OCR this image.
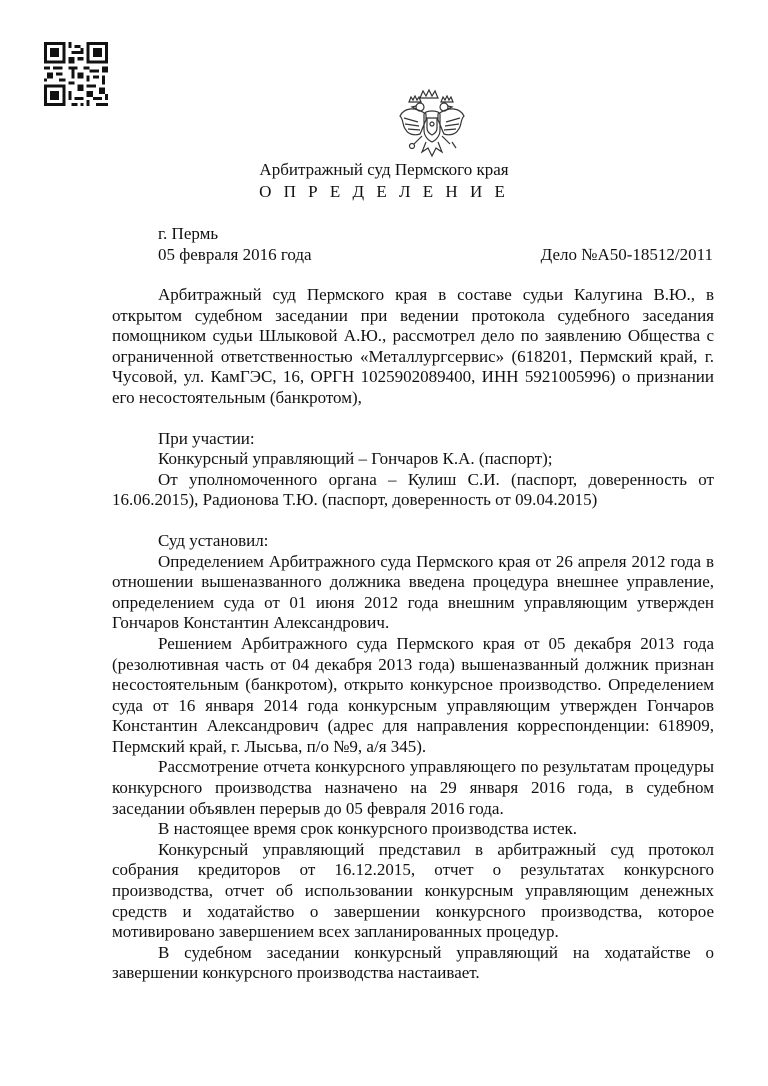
Арбитражный суд Пермского края
О П Р Е Д Е Л Е Н И Е
г. Пермь
05 февраля 2016 года	Дело №А50-18512/2011

Арбитражный суд Пермского края в составе судьи Калугина В.Ю., в открытом судебном заседании при ведении протокола судебного заседания помощником судьи Шлыковой А.Ю., рассмотрел дело по заявлению Общества с ограниченной ответственностью «Металлургсервис» (618201, Пермский край, г. Чусовой, ул. КамГЭС, 16, ОРГН 1025902089400, ИНН 5921005996) о признании его несостоятельным (банкротом),

При участии:

Конкурсный управляющий – Гончаров К.А. (паспорт);

От уполномоченного органа – Кулиш С.И. (паспорт, доверенность от 16.06.2015), Радионова Т.Ю. (паспорт, доверенность от 09.04.2015)

Суд установил:

Определением Арбитражного суда Пермского края от 26 апреля 2012 года в отношении вышеназванного должника введена процедура внешнее управление, определением суда от 01 июня 2012 года внешним управляющим утвержден Гончаров Константин Александрович.

Решением Арбитражного суда Пермского края от 05 декабря 2013 года (резолютивная часть от 04 декабря 2013 года) вышеназванный должник признан несостоятельным (банкротом), открыто конкурсное производство. Определением суда от 16 января 2014 года конкурсным управляющим утвержден Гончаров Константин Александрович (адрес для направления корреспонденции: 618909, Пермский край, г. Лысьва, п/о №9, а/я 345).

Рассмотрение отчета конкурсного управляющего по результатам процедуры конкурсного производства назначено на 29 января 2016 года, в судебном заседании объявлен перерыв до 05 февраля 2016 года.

В настоящее время срок конкурсного производства истек.

Конкурсный управляющий представил в арбитражный суд протокол собрания кредиторов от 16.12.2015, отчет о результатах конкурсного производства, отчет об использовании конкурсным управляющим денежных средств и ходатайство о завершении конкурсного производства, которое мотивировано завершением всех запланированных процедур.

В судебном заседании конкурсный управляющий на ходатайстве о завершении конкурсного производства настаивает.
